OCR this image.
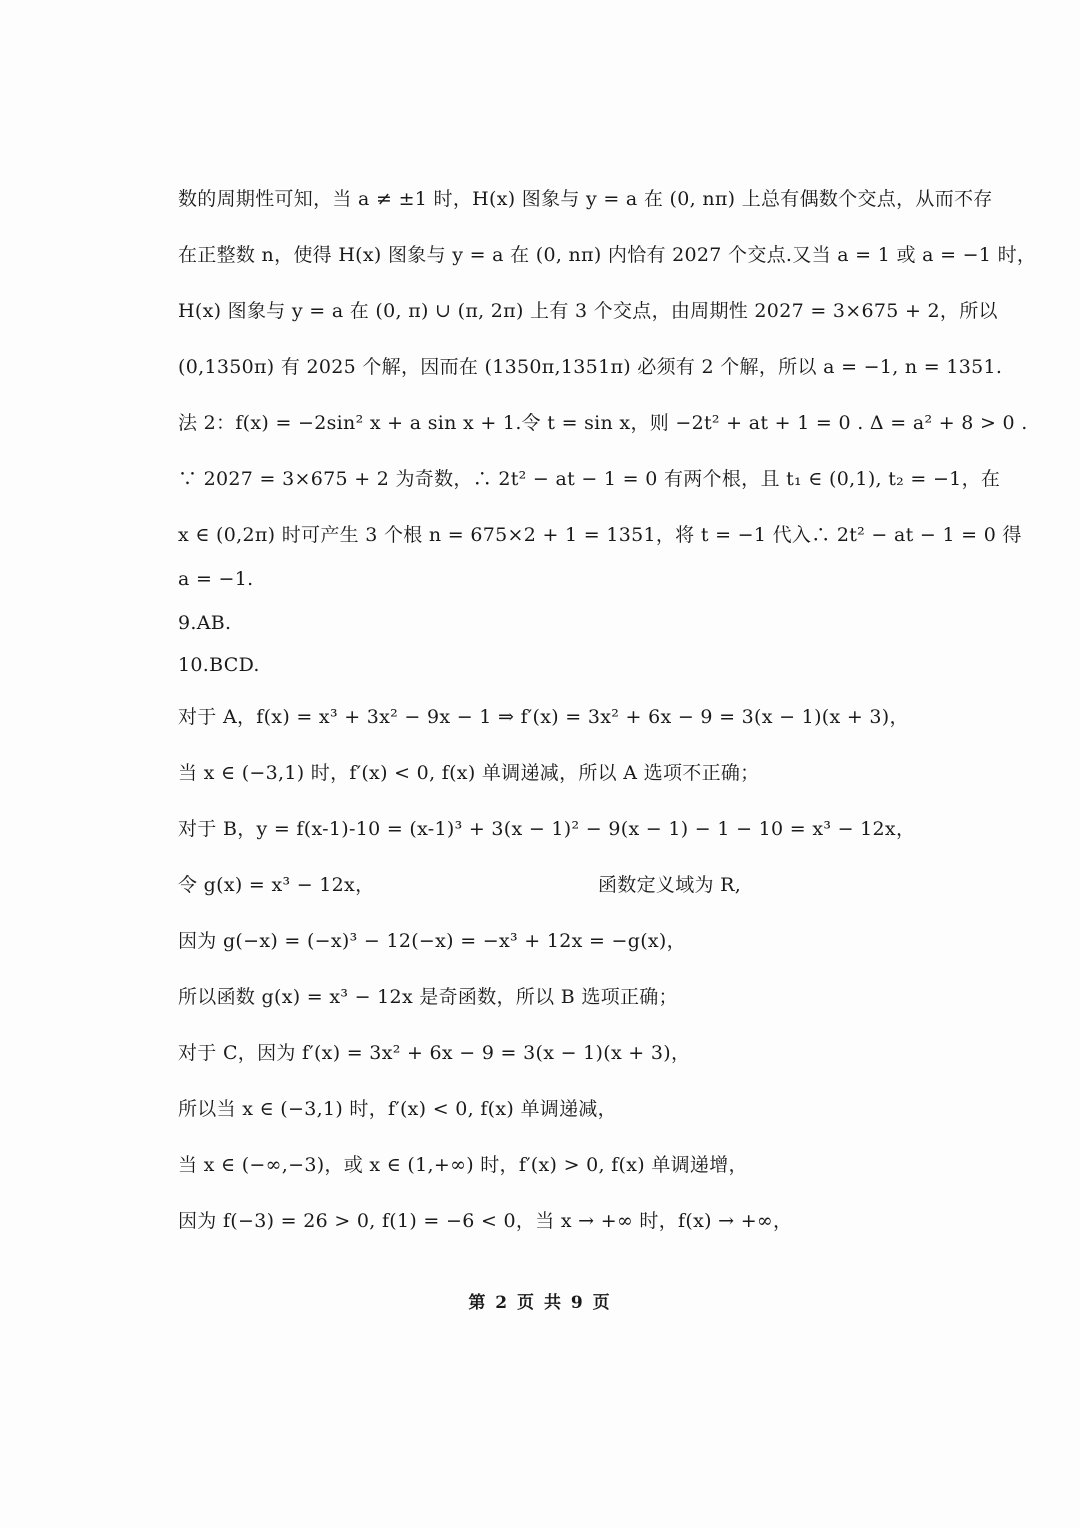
数的周期性可知，当 a ≠ ±1 时，H(x) 图象与 y = a 在 (0, nπ) 上总有偶数个交点，从而不存
在正整数 n，使得 H(x) 图象与 y = a 在 (0, nπ) 内恰有 2027 个交点.又当 a = 1 或 a = −1 时，
H(x) 图象与 y = a 在 (0, π) ∪ (π, 2π) 上有 3 个交点，由周期性 2027 = 3×675 + 2，所以
(0,1350π) 有 2025 个解，因而在 (1350π,1351π) 必须有 2 个解，所以 a = −1, n = 1351.
法 2：f(x) = −2sin² x + a sin x + 1.令 t = sin x，则 −2t² + at + 1 = 0 . Δ = a² + 8 > 0 .
∵ 2027 = 3×675 + 2 为奇数，∴ 2t² − at − 1 = 0 有两个根，且 t₁ ∈ (0,1), t₂ = −1，在
x ∈ (0,2π) 时可产生 3 个根 n = 675×2 + 1 = 1351，将 t = −1 代入∴ 2t² − at − 1 = 0 得
a = −1.
9.AB.
10.BCD.
对于 A，f(x) = x³ + 3x² − 9x − 1 ⇒ f′(x) = 3x² + 6x − 9 = 3(x − 1)(x + 3)，
当 x ∈ (−3,1) 时，f′(x) < 0, f(x) 单调递减，所以 A 选项不正确；
对于 B，y = f(x-1)-10 = (x-1)³ + 3(x − 1)² − 9(x − 1) − 1 − 10 = x³ − 12x，
令 g(x) = x³ − 12x，	函数定义域为 R,
因为 g(−x) = (−x)³ − 12(−x) = −x³ + 12x = −g(x)，
所以函数 g(x) = x³ − 12x 是奇函数，所以 B 选项正确；
对于 C，因为 f′(x) = 3x² + 6x − 9 = 3(x − 1)(x + 3)，
所以当 x ∈ (−3,1) 时，f′(x) < 0, f(x) 单调递减，
当 x ∈ (−∞,−3)，或 x ∈ (1,+∞) 时，f′(x) > 0, f(x) 单调递增，
因为 f(−3) = 26 > 0, f(1) = −6 < 0，当 x → +∞ 时，f(x) → +∞，
第 2 页 共 9 页
